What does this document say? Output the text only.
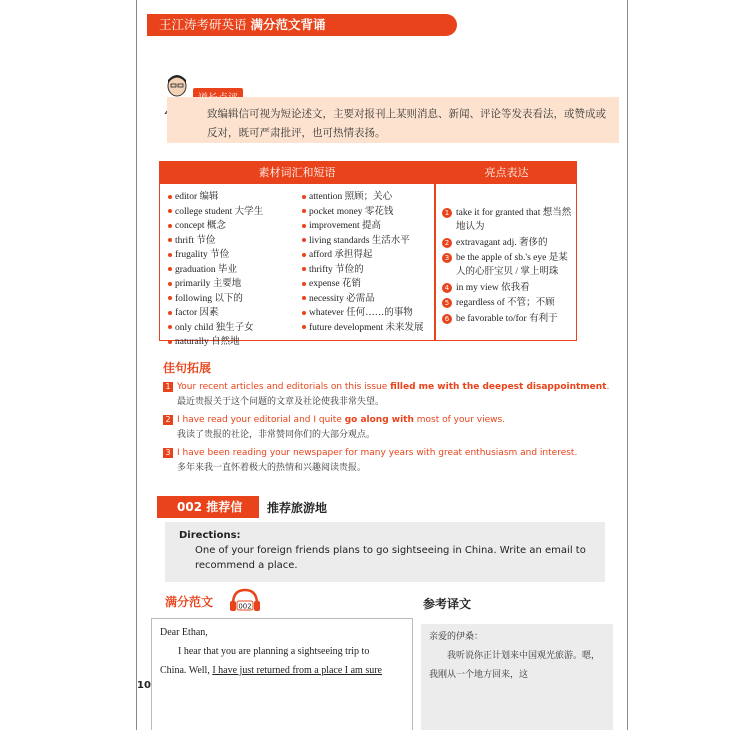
王江涛考研英语 满分范文背诵
致编辑信可视为短论述文，主要对报刊上某则消息、新闻、评论等发表看法，或赞成或反对，既可严肃批评，也可热情表扬。
素材词汇和短语	亮点表达
editor 编辑
college student 大学生
concept 概念
thrift 节俭
frugality 节俭
graduation 毕业
primarily 主要地
following 以下的
factor 因素
only child 独生子女
naturally 自然地
attention 照顾；关心
pocket money 零花钱
improvement 提高
living standards 生活水平
afford 承担得起
thrifty 节俭的
expense 花销
necessity 必需品
whatever 任何……的事物
future development 未来发展
1 take it for granted that 想当然地认为
2 extravagant adj. 奢侈的
3 be the apple of sb.'s eye 是某人的心肝宝贝 / 掌上明珠
4 in my view 依我看
5 regardless of 不管；不顾
6 be favorable to/for 有利于
佳句拓展
1 Your recent articles and editorials on this issue filled me with the deepest disappointment.
最近贵报关于这个问题的文章及社论使我非常失望。
2 I have read your editorial and I quite go along with most of your views.
我读了贵报的社论，非常赞同你们的大部分观点。
3 I have been reading your newspaper for many years with great enthusiasm and interest.
多年来我一直怀着极大的热情和兴趣阅读贵报。
002 推荐信	推荐旅游地
Directions:
One of your foreign friends plans to go sightseeing in China. Write an email to recommend a place.
满分范文	002	参考译文
Dear Ethan,
I hear that you are planning a sightseeing trip to
China. Well, I have just returned from a place I am sure
亲爱的伊桑：
我听说你正计划来中国观光旅游。嗯，我刚从一个地方回来，这
10
